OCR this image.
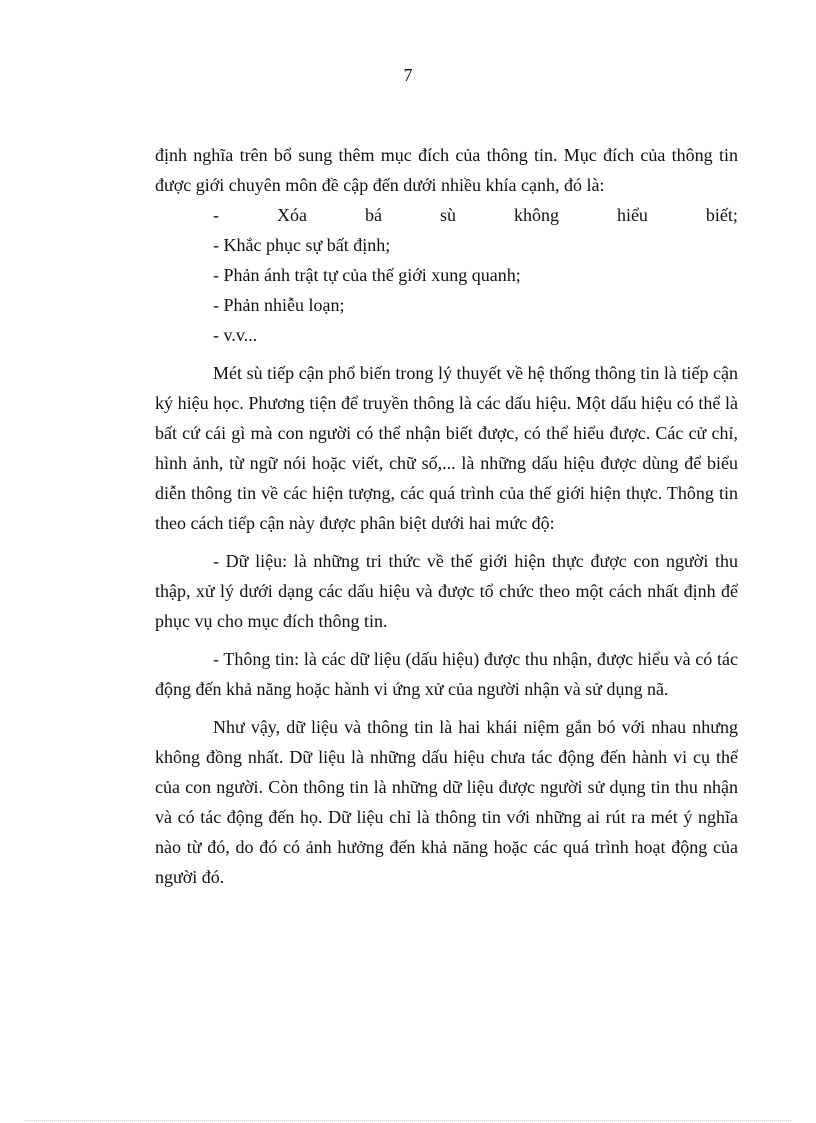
7

định nghĩa trên bổ sung thêm mục đích của thông tin. Mục đích của thông tin được giới chuyên môn đề cập đến dưới nhiều khía cạnh, đó là:

-	Xóa	bá	sù	không	hiểu	biết;

- Khắc phục sự bất định;

- Phản ánh trật tự của thế giới xung quanh;

- Phản nhiễu loạn;

- v.v...

Mét sù tiếp cận phổ biến trong lý thuyết về hệ thống thông tin là tiếp cận ký hiệu học. Phương tiện để truyền thông là các dấu hiệu. Một dấu hiệu có thể là bất cứ cái gì mà con người có thể nhận biết được, có thể hiểu được. Các cử chỉ, hình ảnh, từ ngữ nói hoặc viết, chữ số,... là những dấu hiệu được dùng để biểu diễn thông tin về các hiện tượng, các quá trình của thế giới hiện thực. Thông tin theo cách tiếp cận này được phân biệt dưới hai mức độ:

- Dữ liệu: là những tri thức về thế giới hiện thực được con người thu thập, xử lý dưới dạng các dấu hiệu và được tổ chức theo một cách nhất định để phục vụ cho mục đích thông tin.

- Thông tin: là các dữ liệu (dấu hiệu) được thu nhận, được hiểu và có tác động đến khả năng hoặc hành vi ứng xử của người nhận và sử dụng nã.

Như vậy, dữ liệu và thông tin là hai khái niệm gắn bó với nhau nhưng không đồng nhất. Dữ liệu là những dấu hiệu chưa tác động đến hành vi cụ thể của con người. Còn thông tin là những dữ liệu được người sử dụng tin thu nhận và có tác động đến họ. Dữ liệu chỉ là thông tin với những ai rút ra mét ý nghĩa nào từ đó, do đó có ảnh hưởng đến khả năng hoặc các quá trình hoạt động của người đó.
